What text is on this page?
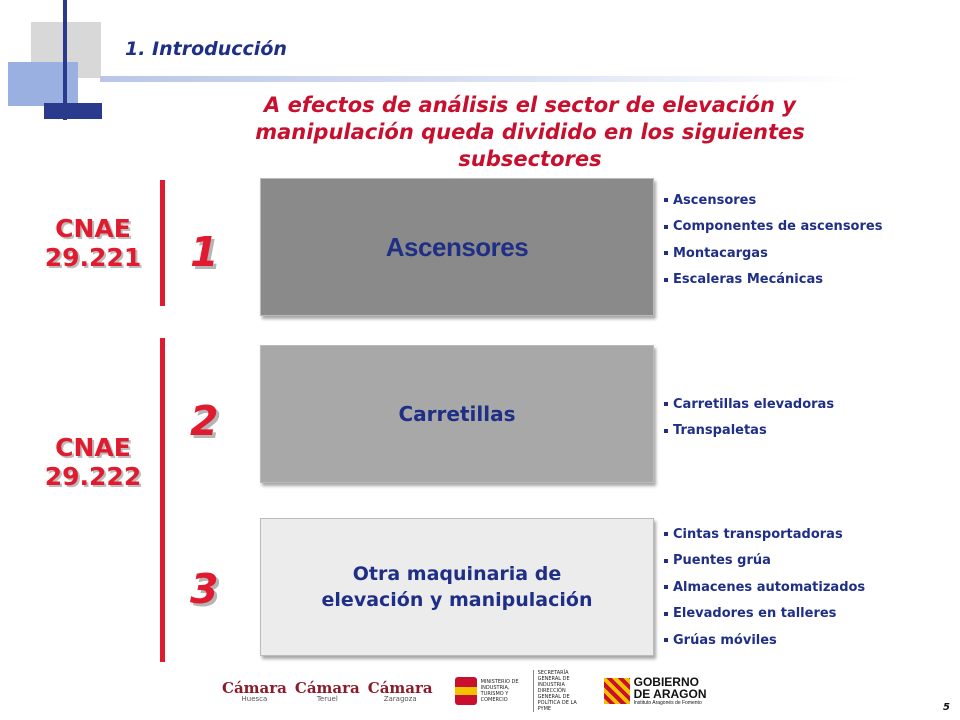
1. Introducción
A efectos de análisis el sector de elevación y manipulación queda dividido en los siguientes subsectores
CNAE
29.221
CNAE
29.222
1
2
3
Ascensores
Carretillas
Otra maquinaria de elevación y manipulación
Ascensores
Componentes de ascensores
Montacargas
Escaleras Mecánicas
Carretillas elevadoras
Transpaletas
Cintas transportadoras
Puentes grúa
Almacenes automatizados
Elevadores en talleres
Grúas móviles
Cámara
Huesca
Cámara
Teruel
Cámara
Zaragoza
MINISTERIO DE INDUSTRIA, TURISMO Y COMERCIO
SECRETARÍA GENERAL DE INDUSTRIA DIRECCIÓN GENERAL DE POLÍTICA DE LA PYME
GOBIERNO
DE ARAGON
Instituto Aragonés de Fomento	5
